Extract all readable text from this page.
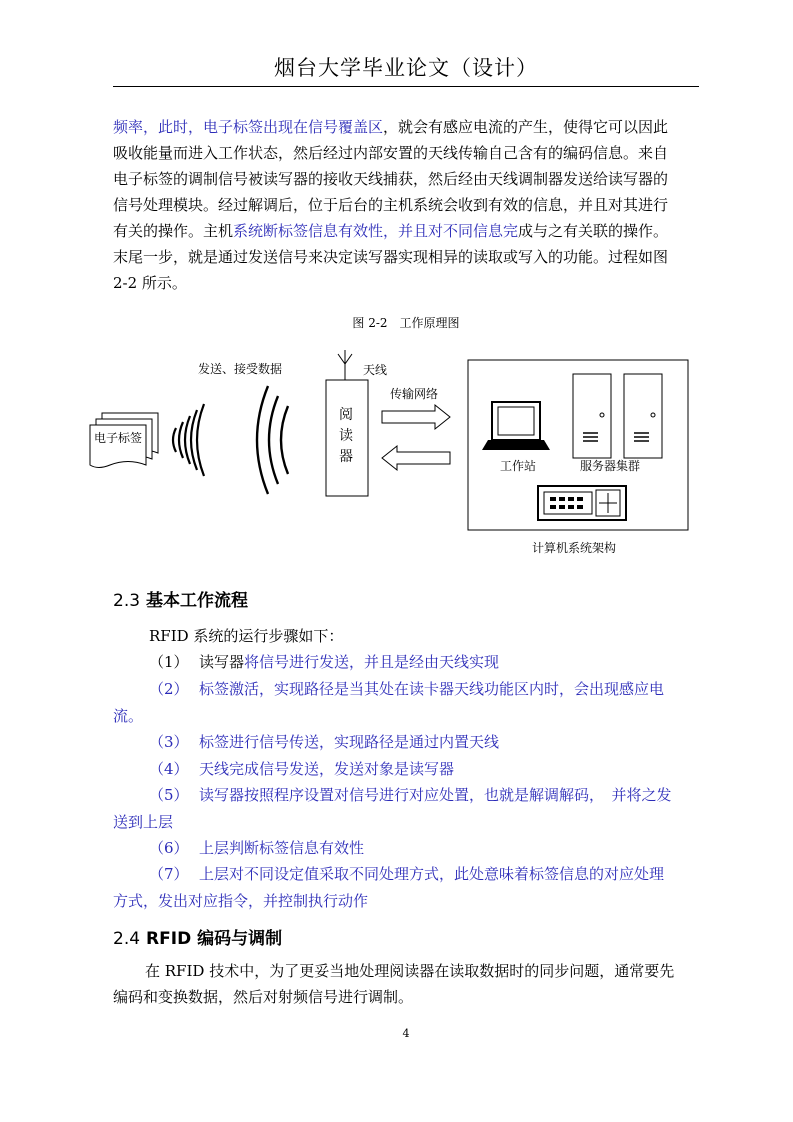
烟台大学毕业论文（设计）
频率，此时，电子标签出现在信号覆盖区，就会有感应电流的产生，使得它可以因此
吸收能量而进入工作状态，然后经过内部安置的天线传输自己含有的编码信息。来自
电子标签的调制信号被读写器的接收天线捕获，然后经由天线调制器发送给读写器的
信号处理模块。经过解调后，位于后台的主机系统会收到有效的信息，并且对其进行
有关的操作。主机系统断标签信息有效性，并且对不同信息完成与之有关联的操作。
末尾一步，就是通过发送信号来决定读写器实现相异的读取或写入的功能。过程如图
2-2 所示。
图 2-2　工作原理图
电子标签
发送、接受数据	天线
阅
读
器
传输网络
工作站	服务器集群
计算机系统架构
2.3 基本工作流程
RFID 系统的运行步骤如下：
（1） 读写器将信号进行发送，并且是经由天线实现
（2） 标签激活，实现路径是当其处在读卡器天线功能区内时，会出现感应电
流。
（3） 标签进行信号传送，实现路径是通过内置天线
（4） 天线完成信号发送，发送对象是读写器
（5） 读写器按照程序设置对信号进行对应处置，也就是解调解码，　并将之发
送到上层
（6） 上层判断标签信息有效性
（7） 上层对不同设定值采取不同处理方式，此处意味着标签信息的对应处理
方式，发出对应指令，并控制执行动作
2.4 RFID 编码与调制
在 RFID 技术中，为了更妥当地处理阅读器在读取数据时的同步问题，通常要先
编码和变换数据，然后对射频信号进行调制。
4
